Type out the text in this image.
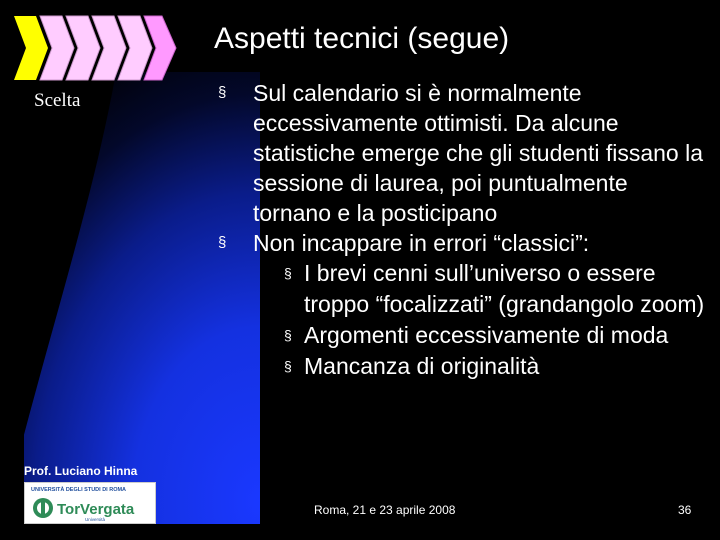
Scelta
Aspetti tecnici (segue)
§ Sul calendario si è normalmente eccessivamente ottimisti. Da alcune statistiche emerge che gli studenti fissano la sessione di laurea, poi puntualmente tornano e la posticipano
§ Non incappare in errori “classici”:
§ I brevi cenni sull’universo o essere troppo “focalizzati” (grandangolo zoom)
§ Argomenti eccessivamente di moda
§ Mancanza di originalità
Prof. Luciano Hinna
UNIVERSITÀ DEGLI STUDI DI ROMA
TorVergata
Università
Roma, 21 e 23 aprile 2008	36
